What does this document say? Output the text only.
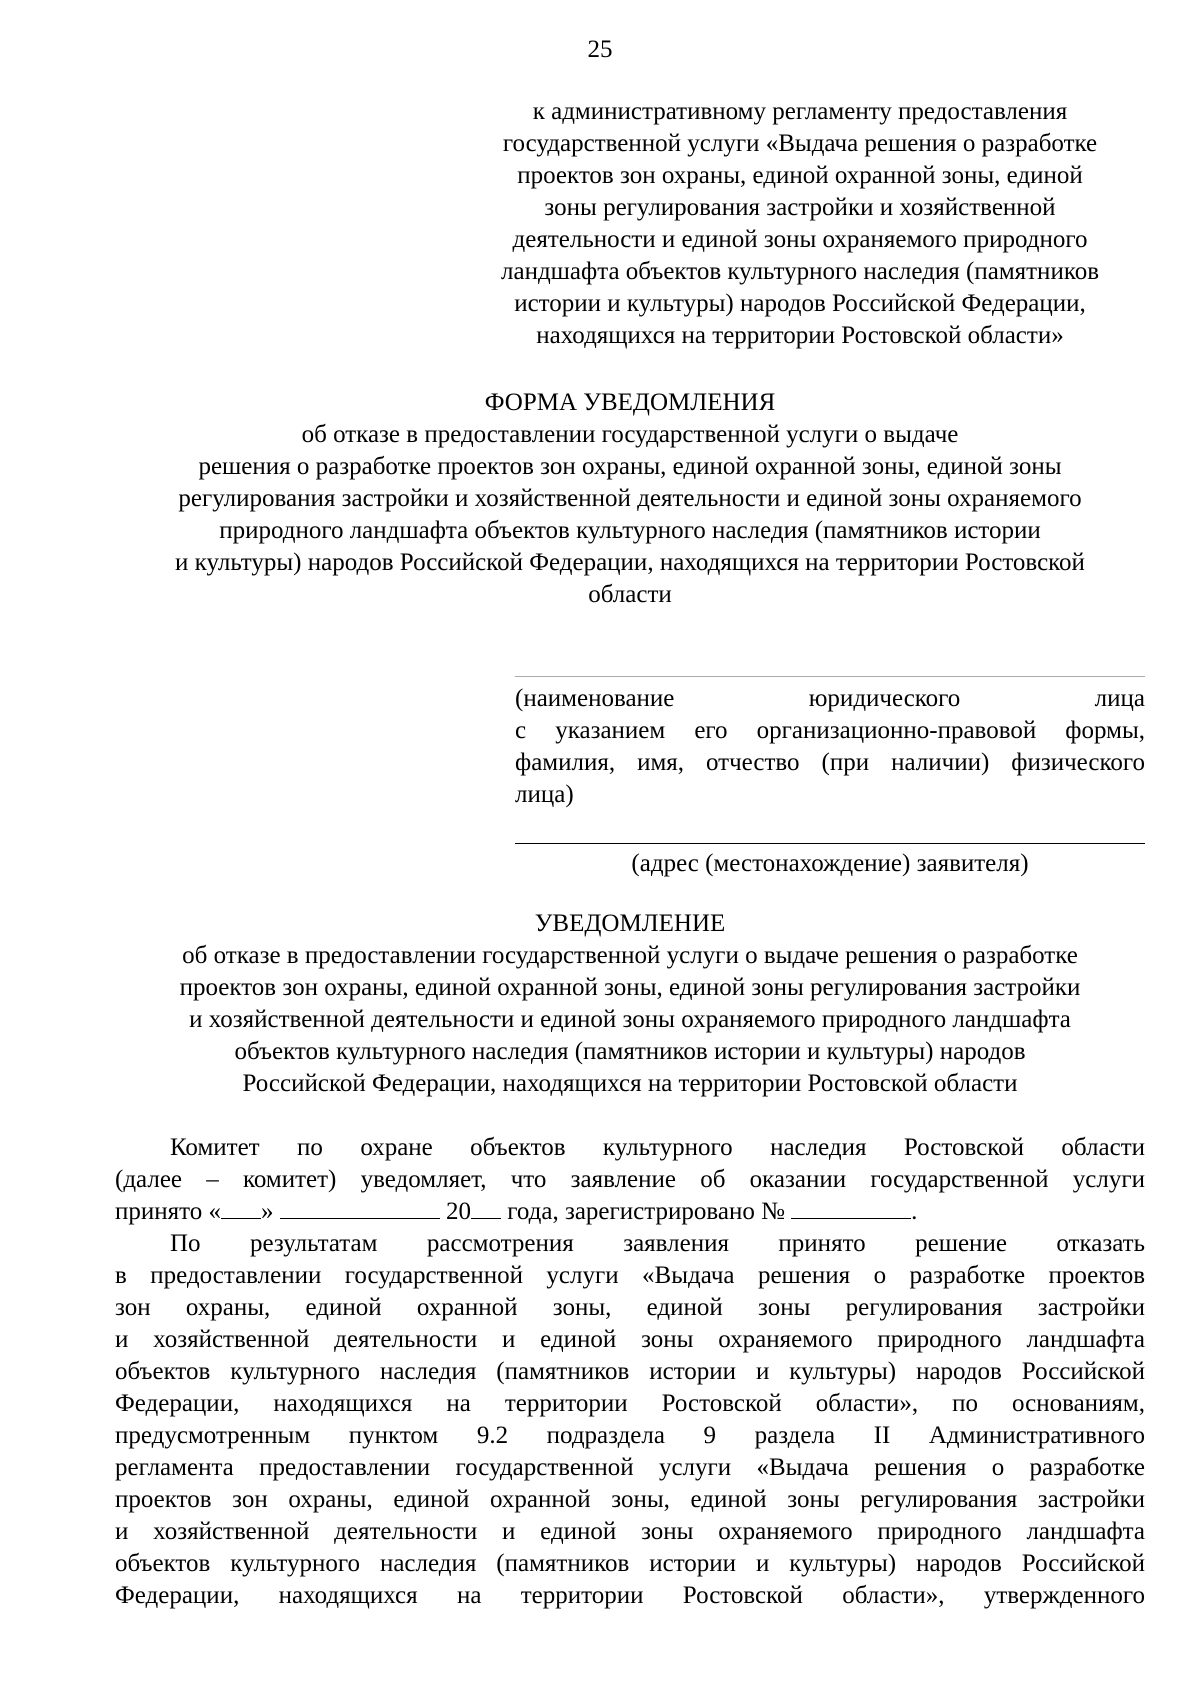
25
к административному регламенту предоставления
государственной услуги «Выдача решения о разработке
проектов зон охраны, единой охранной зоны, единой
зоны регулирования застройки и хозяйственной
деятельности и единой зоны охраняемого природного
ландшафта объектов культурного наследия (памятников
истории и культуры) народов Российской Федерации,
находящихся на территории Ростовской области»
ФОРМА УВЕДОМЛЕНИЯ
об отказе в предоставлении государственной услуги о выдаче
решения о разработке проектов зон охраны, единой охранной зоны, единой зоны
регулирования застройки и хозяйственной деятельности и единой зоны охраняемого
природного ландшафта объектов культурного наследия (памятников истории
и культуры) народов Российской Федерации, находящихся на территории Ростовской
области
(наименование юридического лица
с указанием его организационно-правовой формы,
фамилия, имя, отчество (при наличии) физического
лица)
(адрес (местонахождение) заявителя)
УВЕДОМЛЕНИЕ
об отказе в предоставлении государственной услуги о выдаче решения о разработке
проектов зон охраны, единой охранной зоны, единой зоны регулирования застройки
и хозяйственной деятельности и единой зоны охраняемого природного ландшафта
объектов культурного наследия (памятников истории и культуры) народов
Российской Федерации, находящихся на территории Ростовской области
Комитет по охране объектов культурного наследия Ростовской области
(далее – комитет) уведомляет, что заявление об оказании государственной услуги
принято « »	20 года, зарегистрировано №	.
По результатам рассмотрения заявления принято решение отказать
в предоставлении государственной услуги «Выдача решения о разработке проектов
зон охраны, единой охранной зоны, единой зоны регулирования застройки
и хозяйственной деятельности и единой зоны охраняемого природного ландшафта
объектов культурного наследия (памятников истории и культуры) народов Российской
Федерации, находящихся на территории Ростовской области», по основаниям,
предусмотренным пунктом 9.2 подраздела 9 раздела II Административного
регламента предоставлении государственной услуги «Выдача решения о разработке
проектов зон охраны, единой охранной зоны, единой зоны регулирования застройки
и хозяйственной деятельности и единой зоны охраняемого природного ландшафта
объектов культурного наследия (памятников истории и культуры) народов Российской
Федерации, находящихся на территории Ростовской области», утвержденного
